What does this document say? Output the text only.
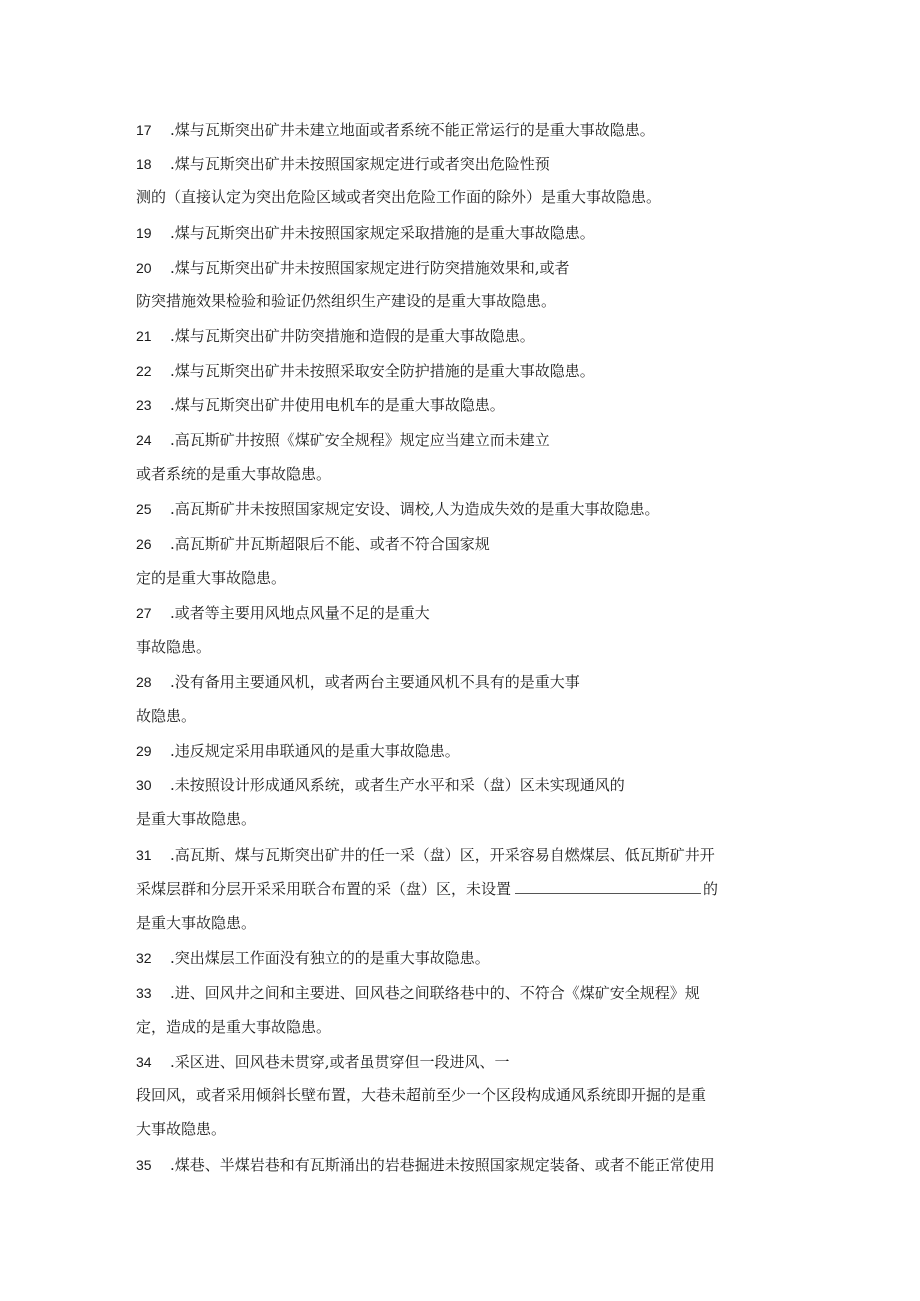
17 .煤与瓦斯突出矿井未建立地面或者系统不能正常运行的是重大事故隐患。
18 .煤与瓦斯突出矿井未按照国家规定进行或者突出危险性预
测的（直接认定为突出危险区域或者突出危险工作面的除外）是重大事故隐患。
19 .煤与瓦斯突出矿井未按照国家规定采取措施的是重大事故隐患。
20 .煤与瓦斯突出矿井未按照国家规定进行防突措施效果和,或者
防突措施效果检验和验证仍然组织生产建设的是重大事故隐患。
21 .煤与瓦斯突出矿井防突措施和造假的是重大事故隐患。
22 .煤与瓦斯突出矿井未按照采取安全防护措施的是重大事故隐患。
23 .煤与瓦斯突出矿井使用电机车的是重大事故隐患。
24 .高瓦斯矿井按照《煤矿安全规程》规定应当建立而未建立
或者系统的是重大事故隐患。
25 .高瓦斯矿井未按照国家规定安设、调校,人为造成失效的是重大事故隐患。
26 .高瓦斯矿井瓦斯超限后不能、或者不符合国家规
定的是重大事故隐患。
27 .或者等主要用风地点风量不足的是重大
事故隐患。
28 .没有备用主要通风机，或者两台主要通风机不具有的是重大事
故隐患。
29 .违反规定采用串联通风的是重大事故隐患。
30 .未按照设计形成通风系统，或者生产水平和采（盘）区未实现通风的
是重大事故隐患。
31 .高瓦斯、煤与瓦斯突出矿井的任一采（盘）区，开采容易自燃煤层、低瓦斯矿井开
采煤层群和分层开采采用联合布置的采（盘）区，未设置	的
是重大事故隐患。
32 .突出煤层工作面没有独立的的是重大事故隐患。
33 .进、回风井之间和主要进、回风巷之间联络巷中的、不符合《煤矿安全规程》规
定，造成的是重大事故隐患。
34 .采区进、回风巷未贯穿,或者虽贯穿但一段进风、一
段回风，或者采用倾斜长壁布置，大巷未超前至少一个区段构成通风系统即开掘的是重
大事故隐患。
35 .煤巷、半煤岩巷和有瓦斯涌出的岩巷掘进未按照国家规定装备、或者不能正常使用
